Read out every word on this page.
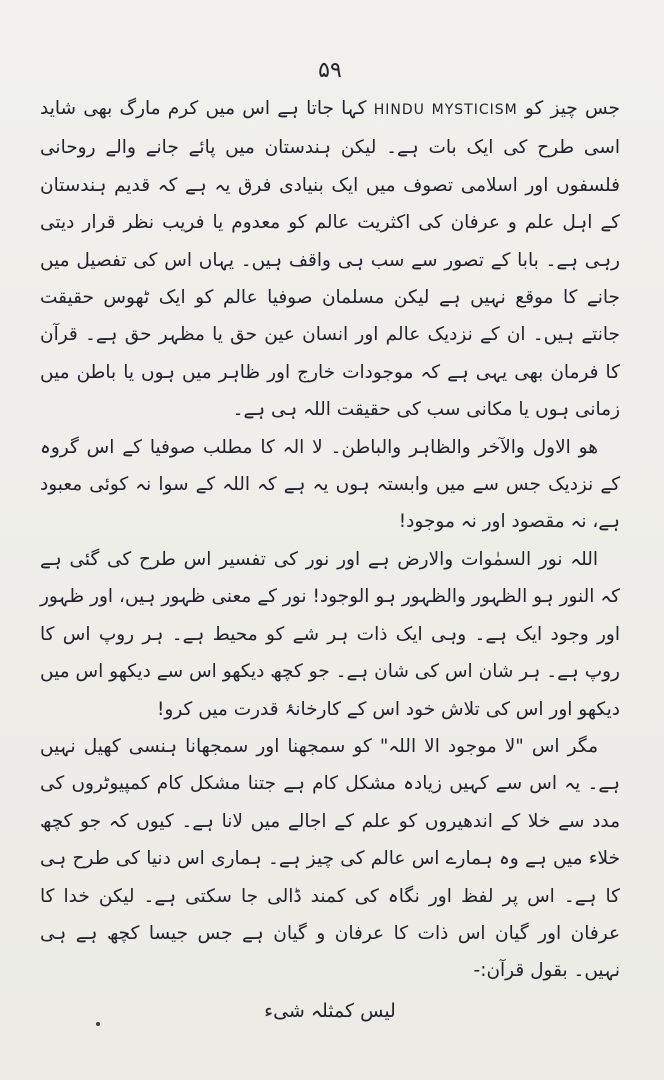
۵۹

جس چیز کو HINDU MYSTICISM کہا جاتا ہے اس میں کرم مارگ بھی شاید اسی طرح کی ایک بات ہے۔ لیکن ہندستان میں پائے جانے والے روحانی فلسفوں اور اسلامی تصوف میں ایک بنیادی فرق یہ ہے کہ قدیم ہندستان کے اہل علم و عرفان کی اکثریت عالم کو معدوم یا فریب نظر قرار دیتی رہی ہے۔ بابا کے تصور سے سب ہی واقف ہیں۔ یہاں اس کی تفصیل میں جانے کا موقع نہیں ہے لیکن مسلمان صوفیا عالم کو ایک ٹھوس حقیقت جانتے ہیں۔ ان کے نزدیک عالم اور انسان عین حق یا مظہر حق ہے۔ قرآن کا فرمان بھی یہی ہے کہ موجودات خارج اور ظاہر میں ہوں یا باطن میں زمانی ہوں یا مکانی سب کی حقیقت اللہ ہی ہے۔

ھو الاول والآخر والظاہر والباطن۔ لا الہ کا مطلب صوفیا کے اس گروہ کے نزدیک جس سے میں وابستہ ہوں یہ ہے کہ اللہ کے سوا نہ کوئی معبود ہے، نہ مقصود اور نہ موجود!

اللہ نور السمٰوات والارض ہے اور نور کی تفسیر اس طرح کی گئی ہے کہ النور ہو الظہور والظہور ہو الوجود! نور کے معنی ظہور ہیں، اور ظہور اور وجود ایک ہے۔ وہی ایک ذات ہر شے کو محیط ہے۔ ہر روپ اس کا روپ ہے۔ ہر شان اس کی شان ہے۔ جو کچھ دیکھو اس سے دیکھو اس میں دیکھو اور اس کی تلاش خود اس کے کارخانۂ قدرت میں کرو!

مگر اس "لا موجود الا اللہ" کو سمجھنا اور سمجھانا ہنسی کھیل نہیں ہے۔ یہ اس سے کہیں زیادہ مشکل کام ہے جتنا مشکل کام کمپیوٹروں کی مدد سے خلا کے اندھیروں کو علم کے اجالے میں لانا ہے۔ کیوں کہ جو کچھ خلاء میں ہے وہ ہمارے اس عالم کی چیز ہے۔ ہماری اس دنیا کی طرح ہی کا ہے۔ اس پر لفظ اور نگاہ کی کمند ڈالی جا سکتی ہے۔ لیکن خدا کا عرفان اور گیان اس ذات کا عرفان و گیان ہے جس جیسا کچھ ہے ہی نہیں۔ بقول قرآن:-

لیس کمثلہ شیء
